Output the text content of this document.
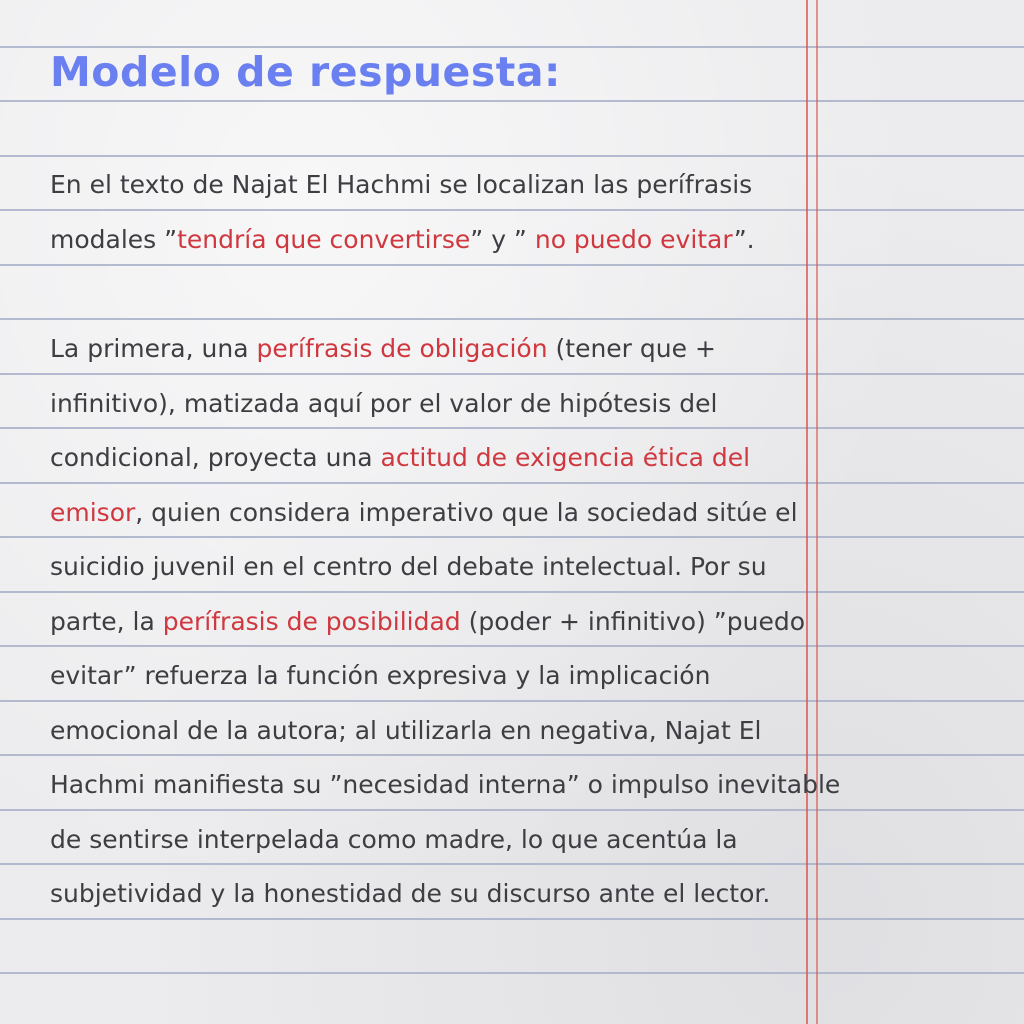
Modelo de respuesta:
En el texto de Najat El Hachmi se localizan las perífrasis
modales ”tendría que convertirse” y ” no puedo evitar”.
La primera, una perífrasis de obligación (tener que +
infinitivo), matizada aquí por el valor de hipótesis del
condicional, proyecta una actitud de exigencia ética del
emisor, quien considera imperativo que la sociedad sitúe el
suicidio juvenil en el centro del debate intelectual. Por su
parte, la perífrasis de posibilidad (poder + infinitivo) ”puedo
evitar” refuerza la función expresiva y la implicación
emocional de la autora; al utilizarla en negativa, Najat El
Hachmi manifiesta su ”necesidad interna” o impulso inevitable
de sentirse interpelada como madre, lo que acentúa la
subjetividad y la honestidad de su discurso ante el lector.
